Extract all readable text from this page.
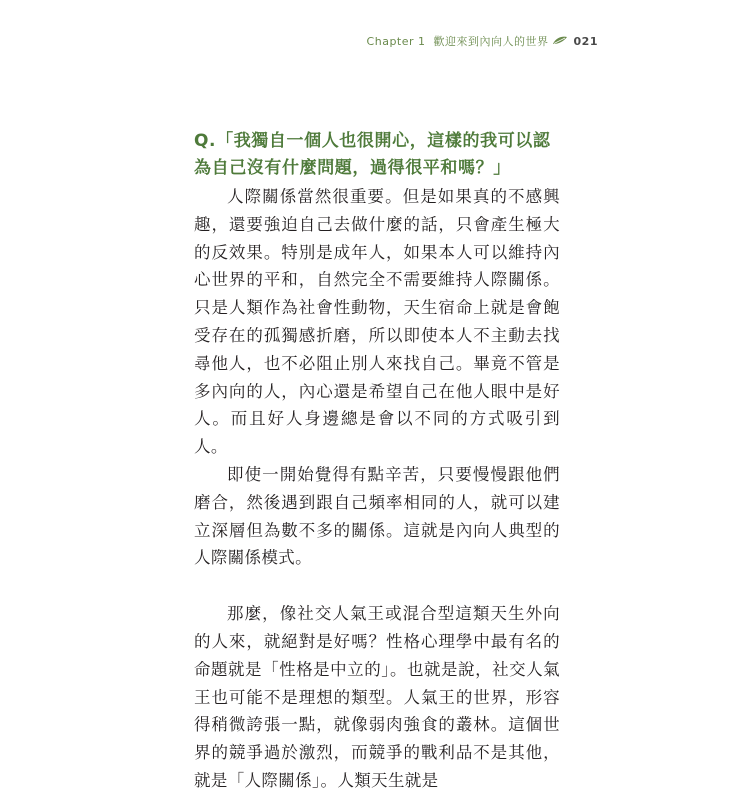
Chapter 1 歡迎來到內向人的世界 021
Q.「我獨自一個人也很開心，這樣的我可以認為自己沒有什麼問題，過得很平和嗎？」

人際關係當然很重要。但是如果真的不感興趣，還要強迫自己去做什麼的話，只會產生極大的反效果。特別是成年人，如果本人可以維持內心世界的平和，自然完全不需要維持人際關係。只是人類作為社會性動物，天生宿命上就是會飽受存在的孤獨感折磨，所以即使本人不主動去找尋他人，也不必阻止別人來找自己。畢竟不管是多內向的人，內心還是希望自己在他人眼中是好人。而且好人身邊總是會以不同的方式吸引到人。

即使一開始覺得有點辛苦，只要慢慢跟他們磨合，然後遇到跟自己頻率相同的人，就可以建立深層但為數不多的關係。這就是內向人典型的人際關係模式。

那麼，像社交人氣王或混合型這類天生外向的人來，就絕對是好嗎？性格心理學中最有名的命題就是「性格是中立的」。也就是說，社交人氣王也可能不是理想的類型。人氣王的世界，形容得稍微誇張一點，就像弱肉強食的叢林。這個世界的競爭過於激烈，而競爭的戰利品不是其他，就是「人際關係」。人類天生就是
